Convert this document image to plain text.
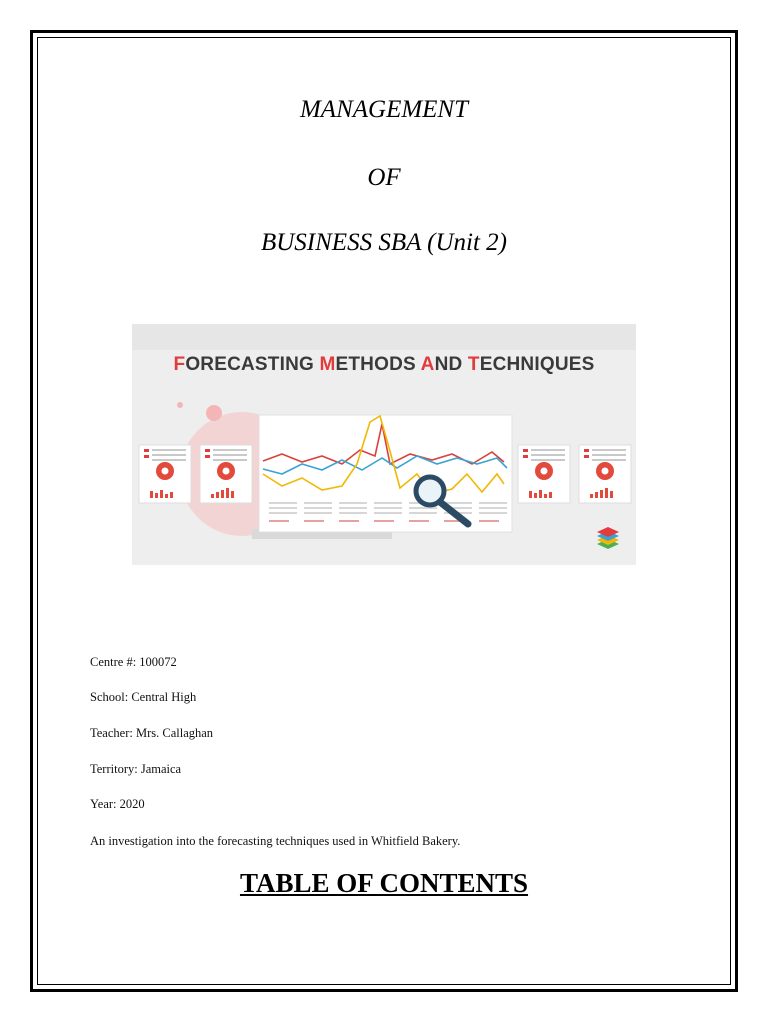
MANAGEMENT
OF
BUSINESS SBA (Unit 2)
FORECASTING METHODS AND TECHNIQUES
Centre #: 100072
School: Central High
Teacher: Mrs. Callaghan
Territory: Jamaica
Year: 2020
An investigation into the forecasting techniques used in Whitfield Bakery.
TABLE OF CONTENTS
